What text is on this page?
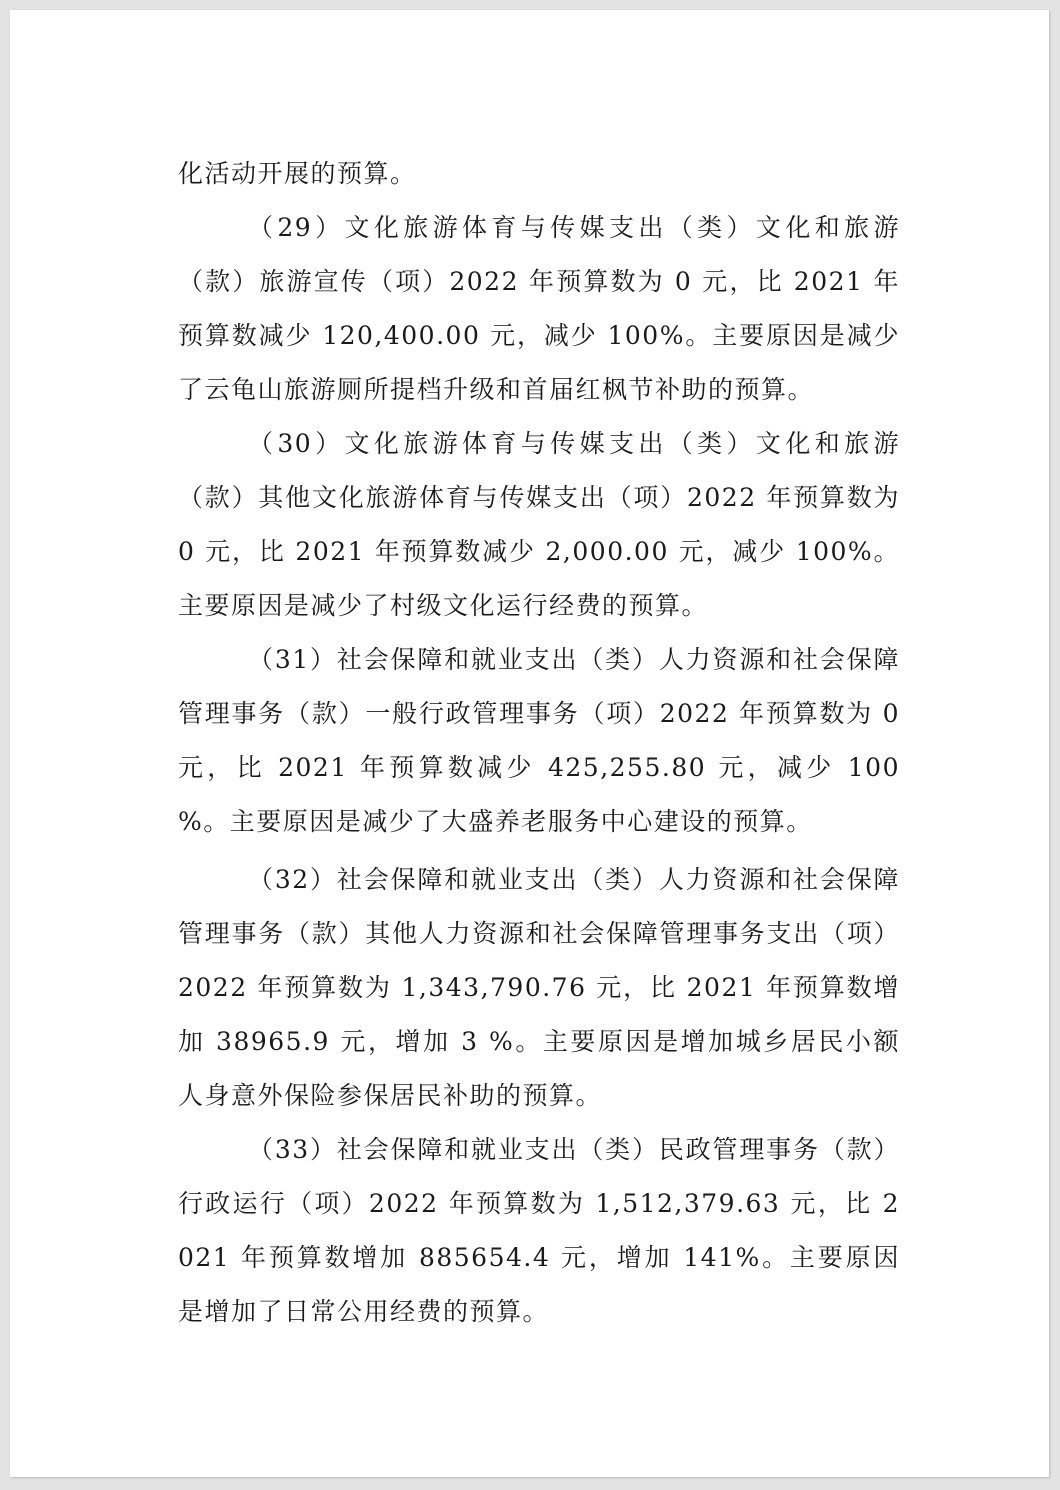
化活动开展的预算。

（29）文化旅游体育与传媒支出（类）文化和旅游（款）旅游宣传（项）2022 年预算数为 0 元，比 2021 年预算数减少 120,400.00 元，减少 100%。主要原因是减少了云龟山旅游厕所提档升级和首届红枫节补助的预算。

（30）文化旅游体育与传媒支出（类）文化和旅游（款）其他文化旅游体育与传媒支出（项）2022 年预算数为 0 元，比 2021 年预算数减少 2,000.00 元，减少 100%。主要原因是减少了村级文化运行经费的预算。

（31）社会保障和就业支出（类）人力资源和社会保障管理事务（款）一般行政管理事务（项）2022 年预算数为 0 元，比 2021 年预算数减少 425,255.80 元，减少 100 %。主要原因是减少了大盛养老服务中心建设的预算。

（32）社会保障和就业支出（类）人力资源和社会保障管理事务（款）其他人力资源和社会保障管理事务支出（项）2022 年预算数为 1,343,790.76 元，比 2021 年预算数增加 38965.9 元，增加 3 %。主要原因是增加城乡居民小额人身意外保险参保居民补助的预算。

（33）社会保障和就业支出（类）民政管理事务（款）行政运行（项）2022 年预算数为 1,512,379.63 元，比 2021 年预算数增加 885654.4 元，增加 141%。主要原因是增加了日常公用经费的预算。
